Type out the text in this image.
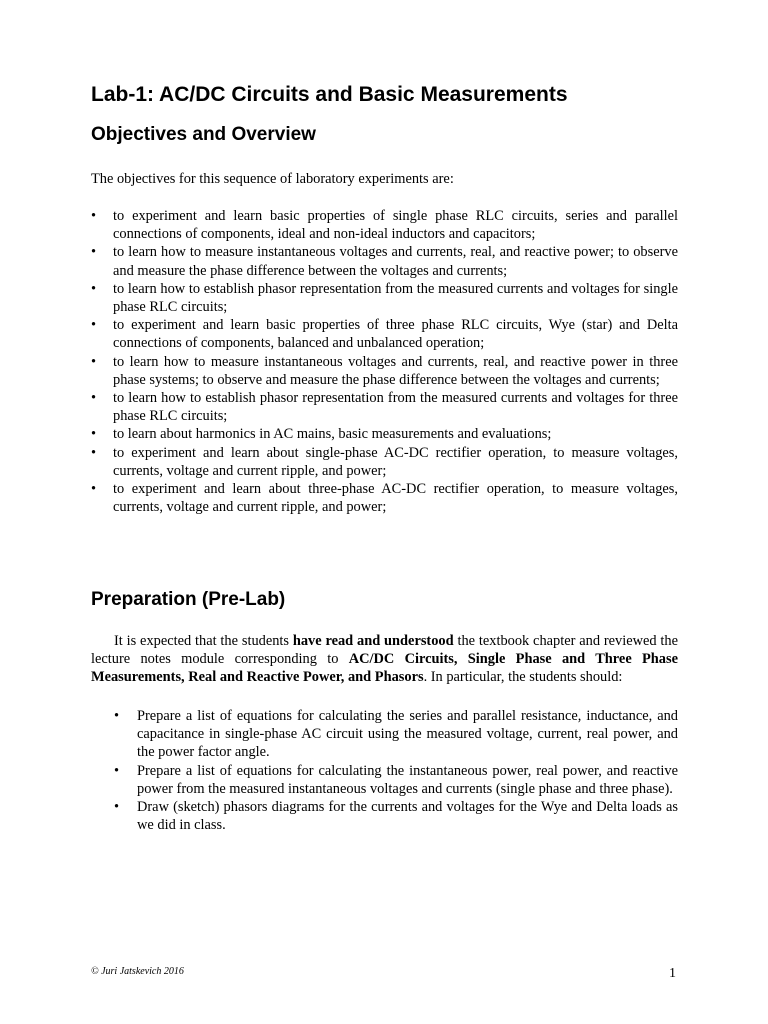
Lab-1: AC/DC Circuits and Basic Measurements
Objectives and Overview
The objectives for this sequence of laboratory experiments are:
• to experiment and learn basic properties of single phase RLC circuits, series and parallel connections of components, ideal and non-ideal inductors and capacitors;
• to learn how to measure instantaneous voltages and currents, real, and reactive power; to observe and measure the phase difference between the voltages and currents;
• to learn how to establish phasor representation from the measured currents and voltages for single phase RLC circuits;
• to experiment and learn basic properties of three phase RLC circuits, Wye (star) and Delta connections of components, balanced and unbalanced operation;
• to learn how to measure instantaneous voltages and currents, real, and reactive power in three phase systems; to observe and measure the phase difference between the voltages and currents;
• to learn how to establish phasor representation from the measured currents and voltages for three phase RLC circuits;
• to learn about harmonics in AC mains, basic measurements and evaluations;
• to experiment and learn about single-phase AC-DC rectifier operation, to measure voltages, currents, voltage and current ripple, and power;
• to experiment and learn about three-phase AC-DC rectifier operation, to measure voltages, currents, voltage and current ripple, and power;
Preparation (Pre-Lab)

It is expected that the students have read and understood the textbook chapter and reviewed the lecture notes module corresponding to AC/DC Circuits, Single Phase and Three Phase Measurements, Real and Reactive Power, and Phasors. In particular, the students should:

• Prepare a list of equations for calculating the series and parallel resistance, inductance, and capacitance in single-phase AC circuit using the measured voltage, current, real power, and the power factor angle.
• Prepare a list of equations for calculating the instantaneous power, real power, and reactive power from the measured instantaneous voltages and currents (single phase and three phase).
• Draw (sketch) phasors diagrams for the currents and voltages for the Wye and Delta loads as we did in class.
© Juri Jatskevich 2016	1
